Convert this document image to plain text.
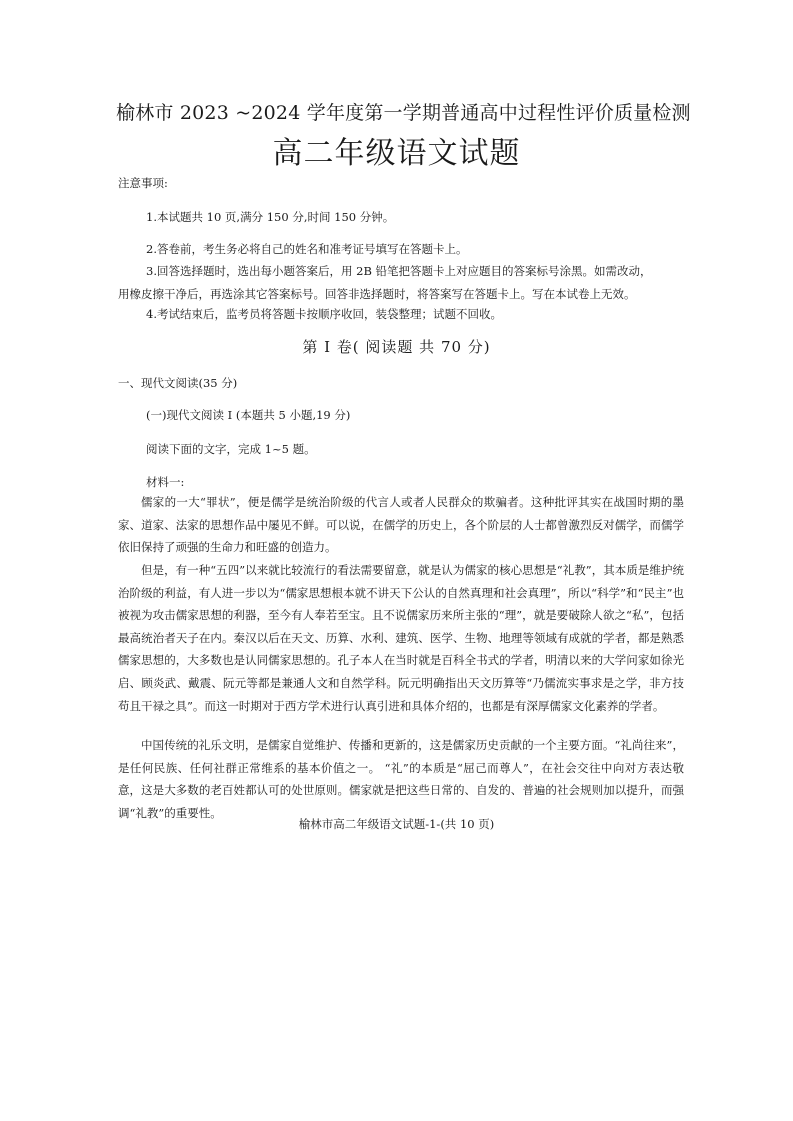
榆林市 2023 ~2024 学年度第一学期普通高中过程性评价质量检测
高二年级语文试题
注意事项:
1.本试题共 10 页,满分 150 分,时间 150 分钟。
2.答卷前，考生务必将自己的姓名和准考证号填写在答题卡上。
3.回答选择题时，选出每小题答案后，用 2B 铅笔把答题卡上对应题目的答案标号涂黑。如需改动，
用橡皮擦干净后，再选涂其它答案标号。回答非选择题时，将答案写在答题卡上。写在本试卷上无效。
4.考试结束后，监考员将答题卡按顺序收回，装袋整理；试题不回收。
第 Ⅰ 卷( 阅读题 共 70 分)
一、现代文阅读(35 分)
(一)现代文阅读 Ⅰ (本题共 5 小题,19 分)
阅读下面的文字，完成 1~5 题。
材料一:
儒家的一大“罪状”，便是儒学是统治阶级的代言人或者人民群众的欺骗者。这种批评其实在战国时期的墨家、道家、法家的思想作品中屡见不鲜。可以说，在儒学的历史上，各个阶层的人士都曾激烈反对儒学，而儒学依旧保持了顽强的生命力和旺盛的创造力。
但是，有一种“五四”以来就比较流行的看法需要留意，就是认为儒家的核心思想是“礼教”，其本质是维护统治阶级的利益，有人进一步以为“儒家思想根本就不讲天下公认的自然真理和社会真理”，所以“科学”和“民主”也被视为攻击儒家思想的利器，至今有人奉若至宝。且不说儒家历来所主张的“理”，就是要破除人欲之“私”，包括最高统治者天子在内。秦汉以后在天文、历算、水利、建筑、医学、生物、地理等领域有成就的学者，都是熟悉儒家思想的，大多数也是认同儒家思想的。孔子本人在当时就是百科全书式的学者，明清以来的大学问家如徐光启、顾炎武、戴震、阮元等都是兼通人文和自然学科。阮元明确指出天文历算等“乃儒流实事求是之学，非方技苟且干禄之具”。而这一时期对于西方学术进行认真引进和具体介绍的，也都是有深厚儒家文化素养的学者。
中国传统的礼乐文明，是儒家自觉维护、传播和更新的，这是儒家历史贡献的一个主要方面。“礼尚往来”，是任何民族、任何社群正常维系的基本价值之一。 “礼”的本质是“屈己而尊人”，在社会交往中向对方表达敬意，这是大多数的老百姓都认可的处世原则。儒家就是把这些日常的、自发的、普遍的社会规则加以提升，而强调“礼教”的重要性。
榆林市高二年级语文试题-1-(共 10 页)
